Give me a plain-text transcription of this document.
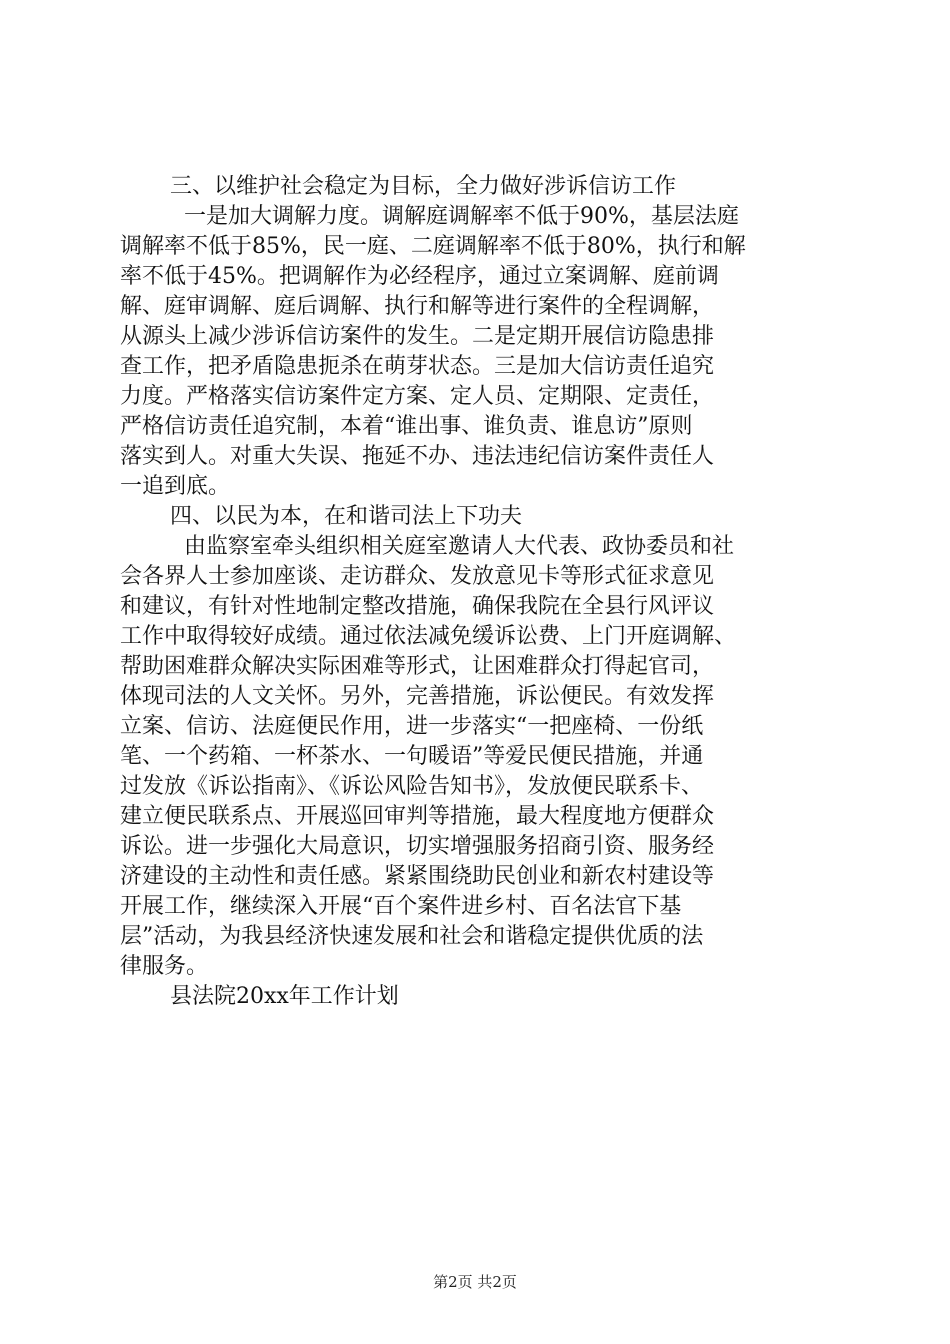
三、以维护社会稳定为目标，全力做好涉诉信访工作
一是加大调解力度。调解庭调解率不低于90%，基层法庭
调解率不低于85%，民一庭、二庭调解率不低于80%，执行和解
率不低于45%。把调解作为必经程序，通过立案调解、庭前调
解、庭审调解、庭后调解、执行和解等进行案件的全程调解，
从源头上减少涉诉信访案件的发生。二是定期开展信访隐患排
查工作，把矛盾隐患扼杀在萌芽状态。三是加大信访责任追究
力度。严格落实信访案件定方案、定人员、定期限、定责任，
严格信访责任追究制，本着“谁出事、谁负责、谁息访”原则
落实到人。对重大失误、拖延不办、违法违纪信访案件责任人
一追到底。
四、以民为本，在和谐司法上下功夫
由监察室牵头组织相关庭室邀请人大代表、政协委员和社
会各界人士参加座谈、走访群众、发放意见卡等形式征求意见
和建议，有针对性地制定整改措施，确保我院在全县行风评议
工作中取得较好成绩。通过依法减免缓诉讼费、上门开庭调解、
帮助困难群众解决实际困难等形式，让困难群众打得起官司，
体现司法的人文关怀。另外，完善措施，诉讼便民。有效发挥
立案、信访、法庭便民作用，进一步落实“一把座椅、一份纸
笔、一个药箱、一杯茶水、一句暖语”等爱民便民措施，并通
过发放《诉讼指南》、《诉讼风险告知书》，发放便民联系卡、
建立便民联系点、开展巡回审判等措施，最大程度地方便群众
诉讼。进一步强化大局意识，切实增强服务招商引资、服务经
济建设的主动性和责任感。紧紧围绕助民创业和新农村建设等
开展工作，继续深入开展“百个案件进乡村、百名法官下基
层”活动，为我县经济快速发展和社会和谐稳定提供优质的法
律服务。
县法院20xx年工作计划
第2页 共2页
